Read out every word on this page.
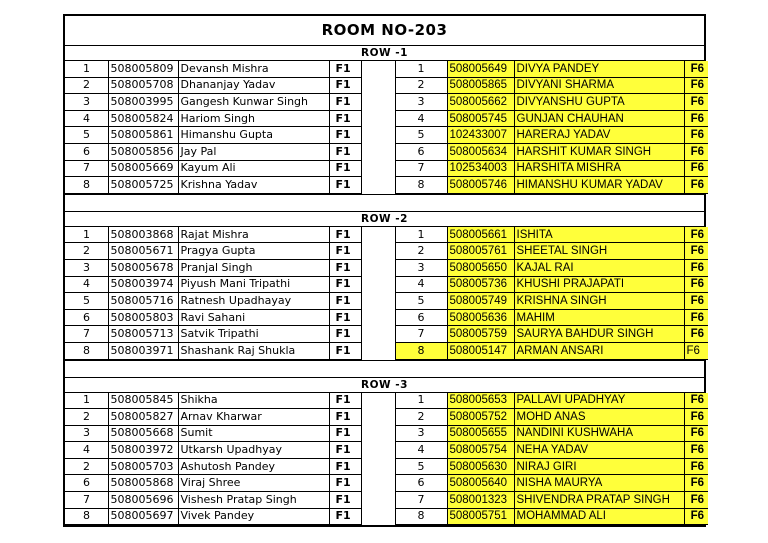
ROOM NO-203
ROW -1
1	508005809	Devansh Mishra	F1		1	508005649	DIVYA PANDEY	F6
2	508005708	Dhananjay Yadav	F1		2	508005865	DIVYANI SHARMA	F6
3	508003995	Gangesh Kunwar Singh	F1		3	508005662	DIVYANSHU GUPTA	F6
4	508005824	Hariom Singh	F1		4	508005745	GUNJAN CHAUHAN	F6
5	508005861	Himanshu Gupta	F1		5	102433007	HARERAJ YADAV	F6
6	508005856	Jay Pal	F1		6	508005634	HARSHIT KUMAR SINGH	F6
7	508005669	Kayum Ali	F1		7	102534003	HARSHITA MISHRA	F6
8	508005725	Krishna Yadav	F1		8	508005746	HIMANSHU KUMAR YADAV	F6
ROW -2
1	508003868	Rajat Mishra	F1		1	508005661	ISHITA	F6
2	508005671	Pragya Gupta	F1		2	508005761	SHEETAL SINGH	F6
3	508005678	Pranjal Singh	F1		3	508005650	KAJAL RAI	F6
4	508003974	Piyush Mani Tripathi	F1		4	508005736	KHUSHI PRAJAPATI	F6
5	508005716	Ratnesh Upadhayay	F1		5	508005749	KRISHNA SINGH	F6
6	508005803	Ravi Sahani	F1		6	508005636	MAHIM	F6
7	508005713	Satvik Tripathi	F1		7	508005759	SAURYA BAHDUR SINGH	F6
8	508003971	Shashank Raj Shukla	F1		8	508005147	ARMAN ANSARI	F6
ROW -3
1	508005845	Shikha	F1		1	508005653	PALLAVI UPADHYAY	F6
2	508005827	Arnav Kharwar	F1		2	508005752	MOHD ANAS	F6
3	508005668	Sumit	F1		3	508005655	NANDINI KUSHWAHA	F6
4	508003972	Utkarsh Upadhyay	F1		4	508005754	NEHA YADAV	F6
2	508005703	Ashutosh Pandey	F1		5	508005630	NIRAJ GIRI	F6
6	508005868	Viraj Shree	F1		6	508005640	NISHA MAURYA	F6
7	508005696	Vishesh Pratap Singh	F1		7	508001323	SHIVENDRA PRATAP SINGH	F6
8	508005697	Vivek Pandey	F1		8	508005751	MOHAMMAD ALI	F6
